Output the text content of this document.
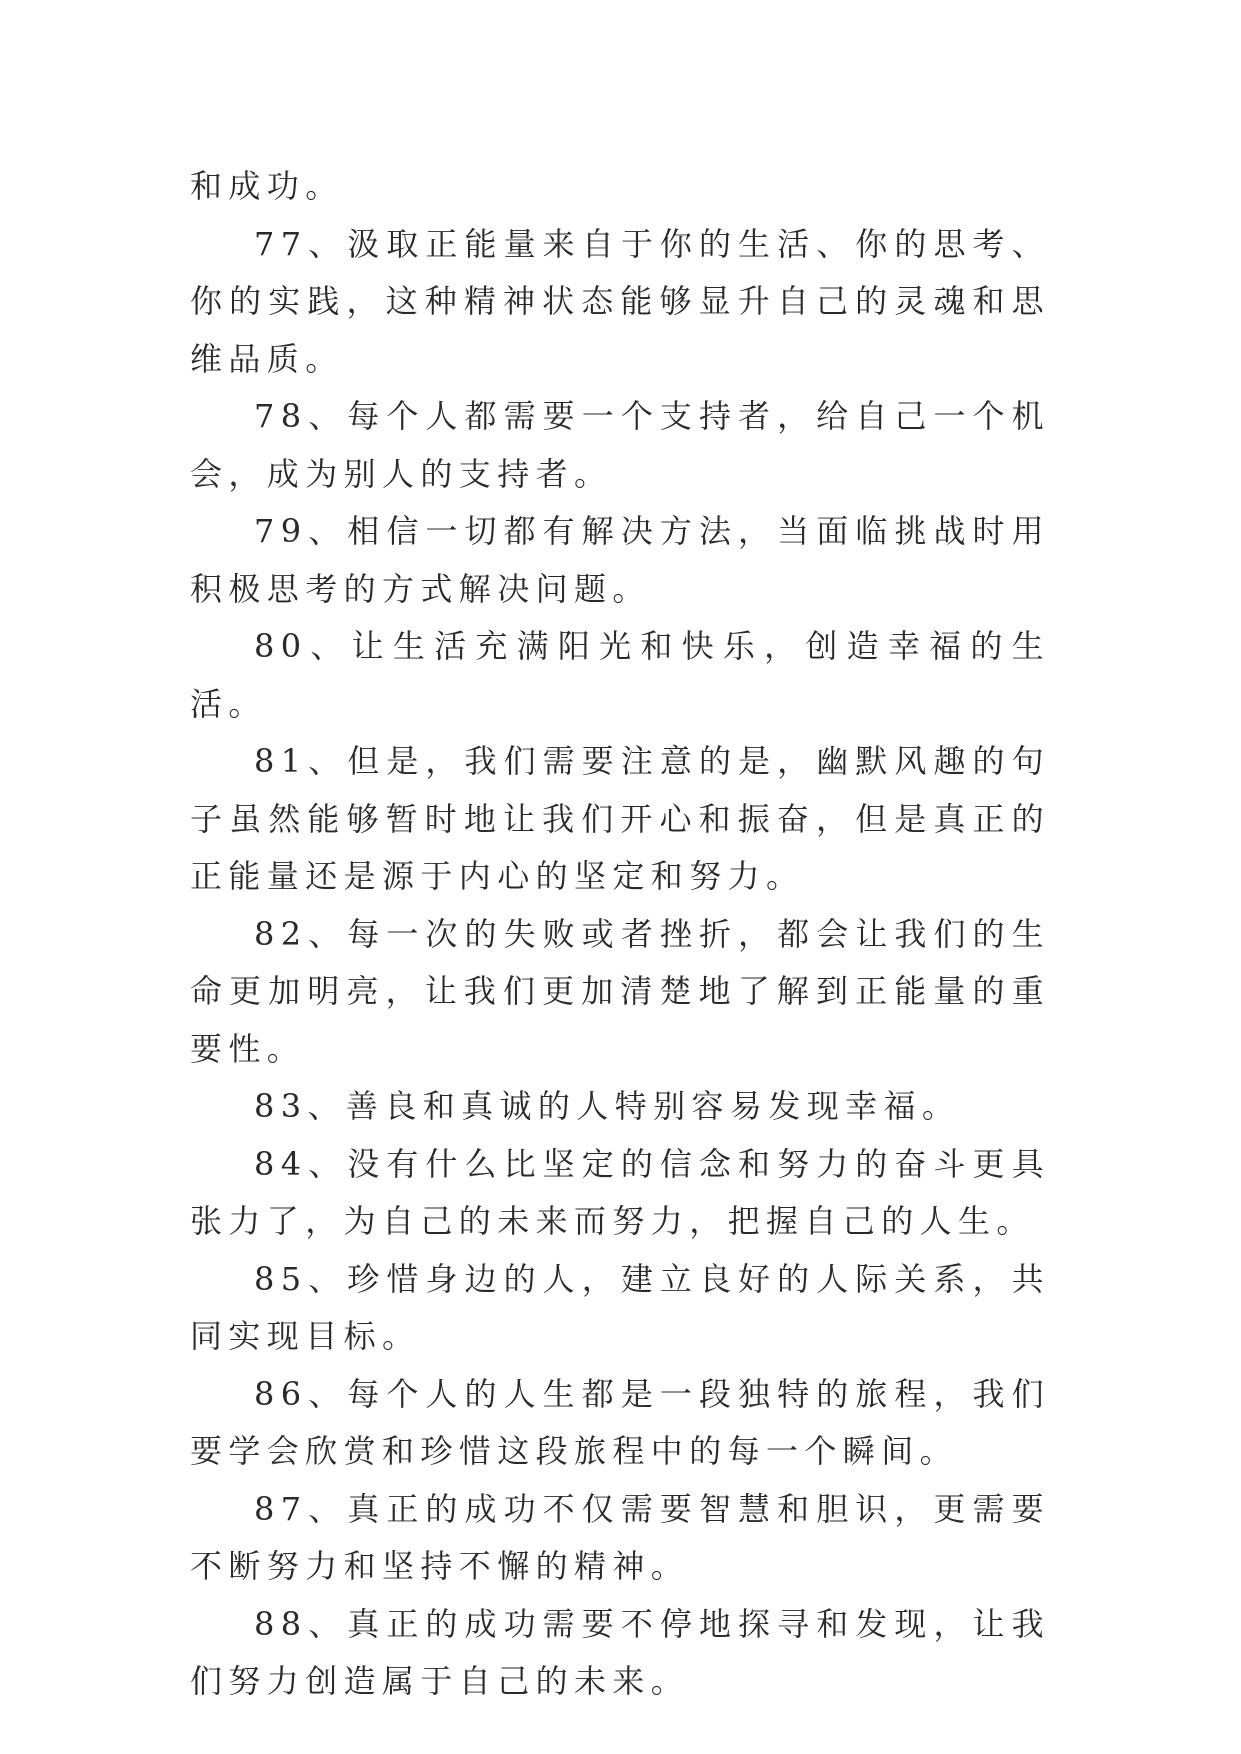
和成功。

77、汲取正能量来自于你的生活、你的思考、你的实践，这种精神状态能够显升自己的灵魂和思维品质。

78、每个人都需要一个支持者，给自己一个机会，成为别人的支持者。

79、相信一切都有解决方法，当面临挑战时用积极思考的方式解决问题。

80、让生活充满阳光和快乐，创造幸福的生活。

81、但是，我们需要注意的是，幽默风趣的句子虽然能够暂时地让我们开心和振奋，但是真正的正能量还是源于内心的坚定和努力。

82、每一次的失败或者挫折，都会让我们的生命更加明亮，让我们更加清楚地了解到正能量的重要性。

83、善良和真诚的人特别容易发现幸福。

84、没有什么比坚定的信念和努力的奋斗更具张力了，为自己的未来而努力，把握自己的人生。

85、珍惜身边的人，建立良好的人际关系，共同实现目标。

86、每个人的人生都是一段独特的旅程，我们要学会欣赏和珍惜这段旅程中的每一个瞬间。

87、真正的成功不仅需要智慧和胆识，更需要不断努力和坚持不懈的精神。

88、真正的成功需要不停地探寻和发现，让我们努力创造属于自己的未来。
